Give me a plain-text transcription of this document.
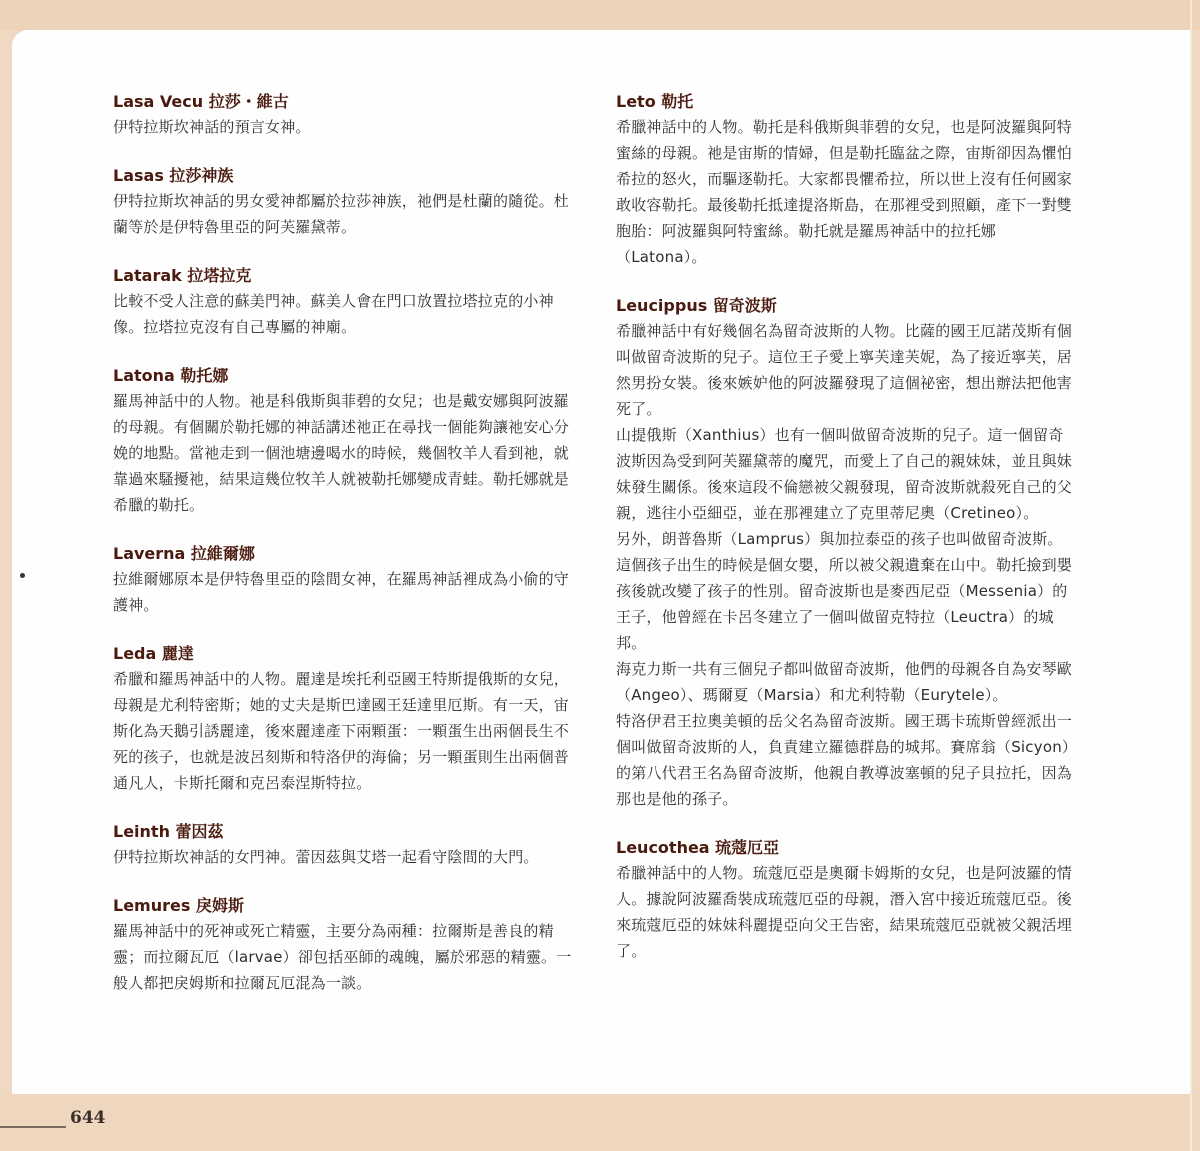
Lasa Vecu 拉莎・維古

伊特拉斯坎神話的預言女神。

Lasas 拉莎神族

伊特拉斯坎神話的男女愛神都屬於拉莎神族，祂們是杜蘭的隨從。杜蘭等於是伊特魯里亞的阿芙羅黛蒂。

Latarak 拉塔拉克

比較不受人注意的蘇美門神。蘇美人會在門口放置拉塔拉克的小神像。拉塔拉克沒有自己專屬的神廟。

Latona 勒托娜

羅馬神話中的人物。祂是科俄斯與菲碧的女兒；也是戴安娜與阿波羅的母親。有個關於勒托娜的神話講述祂正在尋找一個能夠讓祂安心分娩的地點。當祂走到一個池塘邊喝水的時候，幾個牧羊人看到祂，就靠過來騷擾祂，結果這幾位牧羊人就被勒托娜變成青蛙。勒托娜就是希臘的勒托。

Laverna 拉維爾娜

拉維爾娜原本是伊特魯里亞的陰間女神，在羅馬神話裡成為小偷的守護神。

Leda 麗達

希臘和羅馬神話中的人物。麗達是埃托利亞國王特斯提俄斯的女兒，母親是尤利特密斯；她的丈夫是斯巴達國王廷達里厄斯。有一天，宙斯化為天鵝引誘麗達，後來麗達產下兩顆蛋：一顆蛋生出兩個長生不死的孩子，也就是波呂刻斯和特洛伊的海倫；另一顆蛋則生出兩個普通凡人，卡斯托爾和克呂泰涅斯特拉。

Leinth 蕾因茲

伊特拉斯坎神話的女門神。蕾因茲與艾塔一起看守陰間的大門。

Lemures 戾姆斯

羅馬神話中的死神或死亡精靈，主要分為兩種：拉爾斯是善良的精靈；而拉爾瓦厄（larvae）卻包括巫師的魂魄，屬於邪惡的精靈。一般人都把戾姆斯和拉爾瓦厄混為一談。

Leto 勒托

希臘神話中的人物。勒托是科俄斯與菲碧的女兒，也是阿波羅與阿特蜜絲的母親。祂是宙斯的情婦，但是勒托臨盆之際，宙斯卻因為懼怕希拉的怒火，而驅逐勒托。大家都畏懼希拉，所以世上沒有任何國家敢收容勒托。最後勒托抵達提洛斯島，在那裡受到照顧，產下一對雙胞胎：阿波羅與阿特蜜絲。勒托就是羅馬神話中的拉托娜（Latona）。

Leucippus 留奇波斯

希臘神話中有好幾個名為留奇波斯的人物。比薩的國王厄諾茂斯有個叫做留奇波斯的兒子。這位王子愛上寧芙達芙妮，為了接近寧芙，居然男扮女裝。後來嫉妒他的阿波羅發現了這個祕密，想出辦法把他害死了。

山提俄斯（Xanthius）也有一個叫做留奇波斯的兒子。這一個留奇波斯因為受到阿芙羅黛蒂的魔咒，而愛上了自己的親妹妹，並且與妹妹發生關係。後來這段不倫戀被父親發現，留奇波斯就殺死自己的父親，逃往小亞細亞，並在那裡建立了克里蒂尼奧（Cretineo）。

另外，朗普魯斯（Lamprus）與加拉泰亞的孩子也叫做留奇波斯。這個孩子出生的時候是個女嬰，所以被父親遺棄在山中。勒托撿到嬰孩後就改變了孩子的性別。留奇波斯也是麥西尼亞（Messenia）的王子，他曾經在卡呂冬建立了一個叫做留克特拉（Leuctra）的城邦。

海克力斯一共有三個兒子都叫做留奇波斯，他們的母親各自為安琴歐（Angeo）、瑪爾夏（Marsia）和尤利特勒（Eurytele）。

特洛伊君王拉奧美頓的岳父名為留奇波斯。國王瑪卡琉斯曾經派出一個叫做留奇波斯的人，負責建立羅德群島的城邦。賽席翁（Sicyon）的第八代君王名為留奇波斯，他親自教導波塞頓的兒子貝拉托，因為那也是他的孫子。

Leucothea 琉蔻厄亞

希臘神話中的人物。琉蔻厄亞是奧爾卡姆斯的女兒，也是阿波羅的情人。據說阿波羅喬裝成琉蔻厄亞的母親，潛入宮中接近琉蔻厄亞。後來琉蔻厄亞的妹妹科麗提亞向父王告密，結果琉蔻厄亞就被父親活埋了。

644
